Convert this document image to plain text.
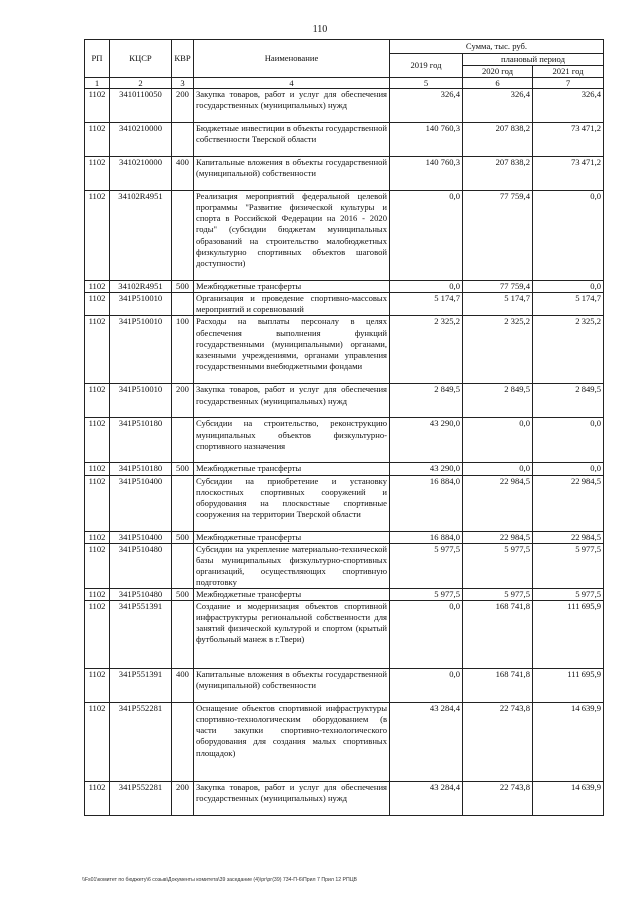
110
РП	КЦСР	КВР	Наименование	Сумма, тыс. руб.		
				2019 год	плановый период	
					2020 год	2021 год
1	2	3	4	5	6	7
1102	3410110050	200	Закупка товаров, работ и услуг для обеспечения государственных (муниципальных) нужд	326,4	326,4	326,4
1102	3410210000		Бюджетные инвестиции в объекты государственной собственности Тверской области	140 760,3	207 838,2	73 471,2
1102	3410210000	400	Капитальные вложения в объекты государственной (муниципальной) собственности	140 760,3	207 838,2	73 471,2
1102	34102R4951		Реализация мероприятий федеральной целевой программы "Развитие физической культуры и спорта в Российской Федерации на 2016 - 2020 годы" (субсидии бюджетам муниципальных образований на строительство малобюджетных физкультурно спортивных объектов шаговой доступности)	0,0	77 759,4	0,0
1102	34102R4951	500	Межбюджетные трансферты	0,0	77 759,4	0,0
1102	341P510010		Организация и проведение спортивно-массовых мероприятий и соревнований	5 174,7	5 174,7	5 174,7
1102	341P510010	100	Расходы на выплаты персоналу в целях обеспечения выполнения функций государственными (муниципальными) органами, казенными учреждениями, органами управления государственными внебюджетными фондами	2 325,2	2 325,2	2 325,2
1102	341P510010	200	Закупка товаров, работ и услуг для обеспечения государственных (муниципальных) нужд	2 849,5	2 849,5	2 849,5
1102	341P510180		Субсидии на строительство, реконструкцию муниципальных объектов физкультурно-спортивного назначения	43 290,0	0,0	0,0
1102	341P510180	500	Межбюджетные трансферты	43 290,0	0,0	0,0
1102	341P510400		Субсидии на приобретение и установку плоскостных спортивных сооружений и оборудования на плоскостные спортивные сооружения на территории Тверской области	16 884,0	22 984,5	22 984,5
1102	341P510400	500	Межбюджетные трансферты	16 884,0	22 984,5	22 984,5
1102	341P510480		Субсидии на укрепление материально-технической базы муниципальных физкультурно-спортивных организаций, осуществляющих спортивную подготовку	5 977,5	5 977,5	5 977,5
1102	341P510480	500	Межбюджетные трансферты	5 977,5	5 977,5	5 977,5
1102	341P551391		Создание и модернизация объектов спортивной инфраструктуры региональной собственности для занятий физической культурой и спортом (крытый футбольный манеж в г.Твери)	0,0	168 741,8	111 695,9
1102	341P551391	400	Капитальные вложения в объекты государственной (муниципальной) собственности	0,0	168 741,8	111 695,9
1102	341P552281		Оснащение объектов спортивной инфраструктуры спортивно-технологическим оборудованием (в части закупки спортивно-технологического оборудования для создания малых спортивных площадок)	43 284,4	22 743,8	14 639,9
1102	341P552281	200	Закупка товаров, работ и услуг для обеспечения государственных (муниципальных) нужд	43 284,4	22 743,8	14 639,9
\\Fs01\комитет по бюджету\6 созыв\Документы комитета\39 заседание (4)\рг\рг(39) 734-П-6\Прил 7 Прил 12 РПЦВ
